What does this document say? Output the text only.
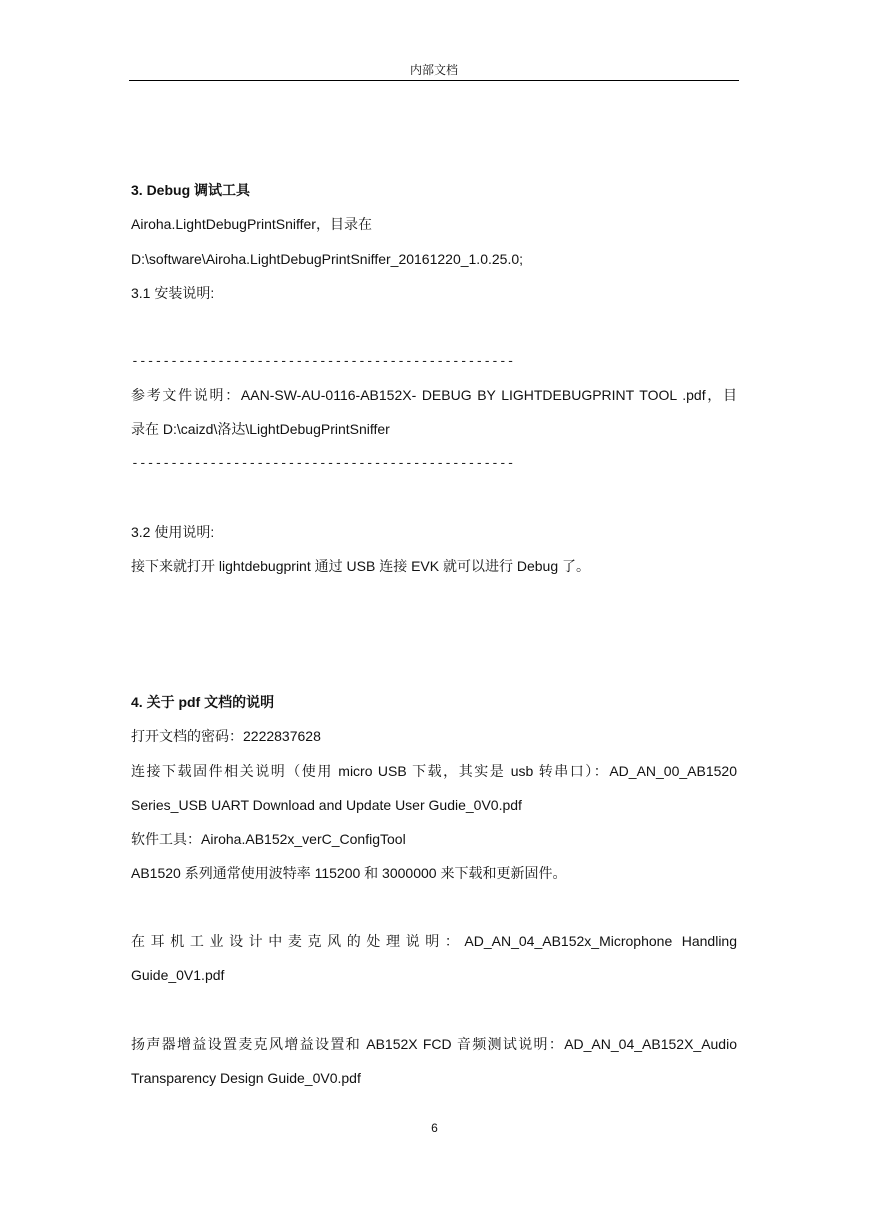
内部文档
3. Debug 调试工具
Airoha.LightDebugPrintSniffer，目录在
D:\software\Airoha.LightDebugPrintSniffer_20161220_1.0.25.0;
3.1 安装说明:
-------------------------------------------------
参考文件说明：AAN-SW-AU-0116-AB152X- DEBUG BY LIGHTDEBUGPRINT TOOL .pdf，目
录在 D:\caizd\洛达\LightDebugPrintSniffer
-------------------------------------------------
3.2 使用说明:
接下来就打开 lightdebugprint 通过 USB 连接 EVK 就可以进行 Debug 了。
4. 关于 pdf 文档的说明
打开文档的密码：2222837628
连接下载固件相关说明（使用 micro USB 下载，其实是 usb 转串口）：AD_AN_00_AB1520
Series_USB UART Download and Update User Gudie_0V0.pdf
软件工具：Airoha.AB152x_verC_ConfigTool
AB1520 系列通常使用波特率 115200 和 3000000 来下载和更新固件。
在耳机工业设计中麦克风的处理说明：AD_AN_04_AB152x_Microphone Handling
Guide_0V1.pdf
扬声器增益设置麦克风增益设置和 AB152X FCD 音频测试说明：AD_AN_04_AB152X_Audio
Transparency Design Guide_0V0.pdf
6
